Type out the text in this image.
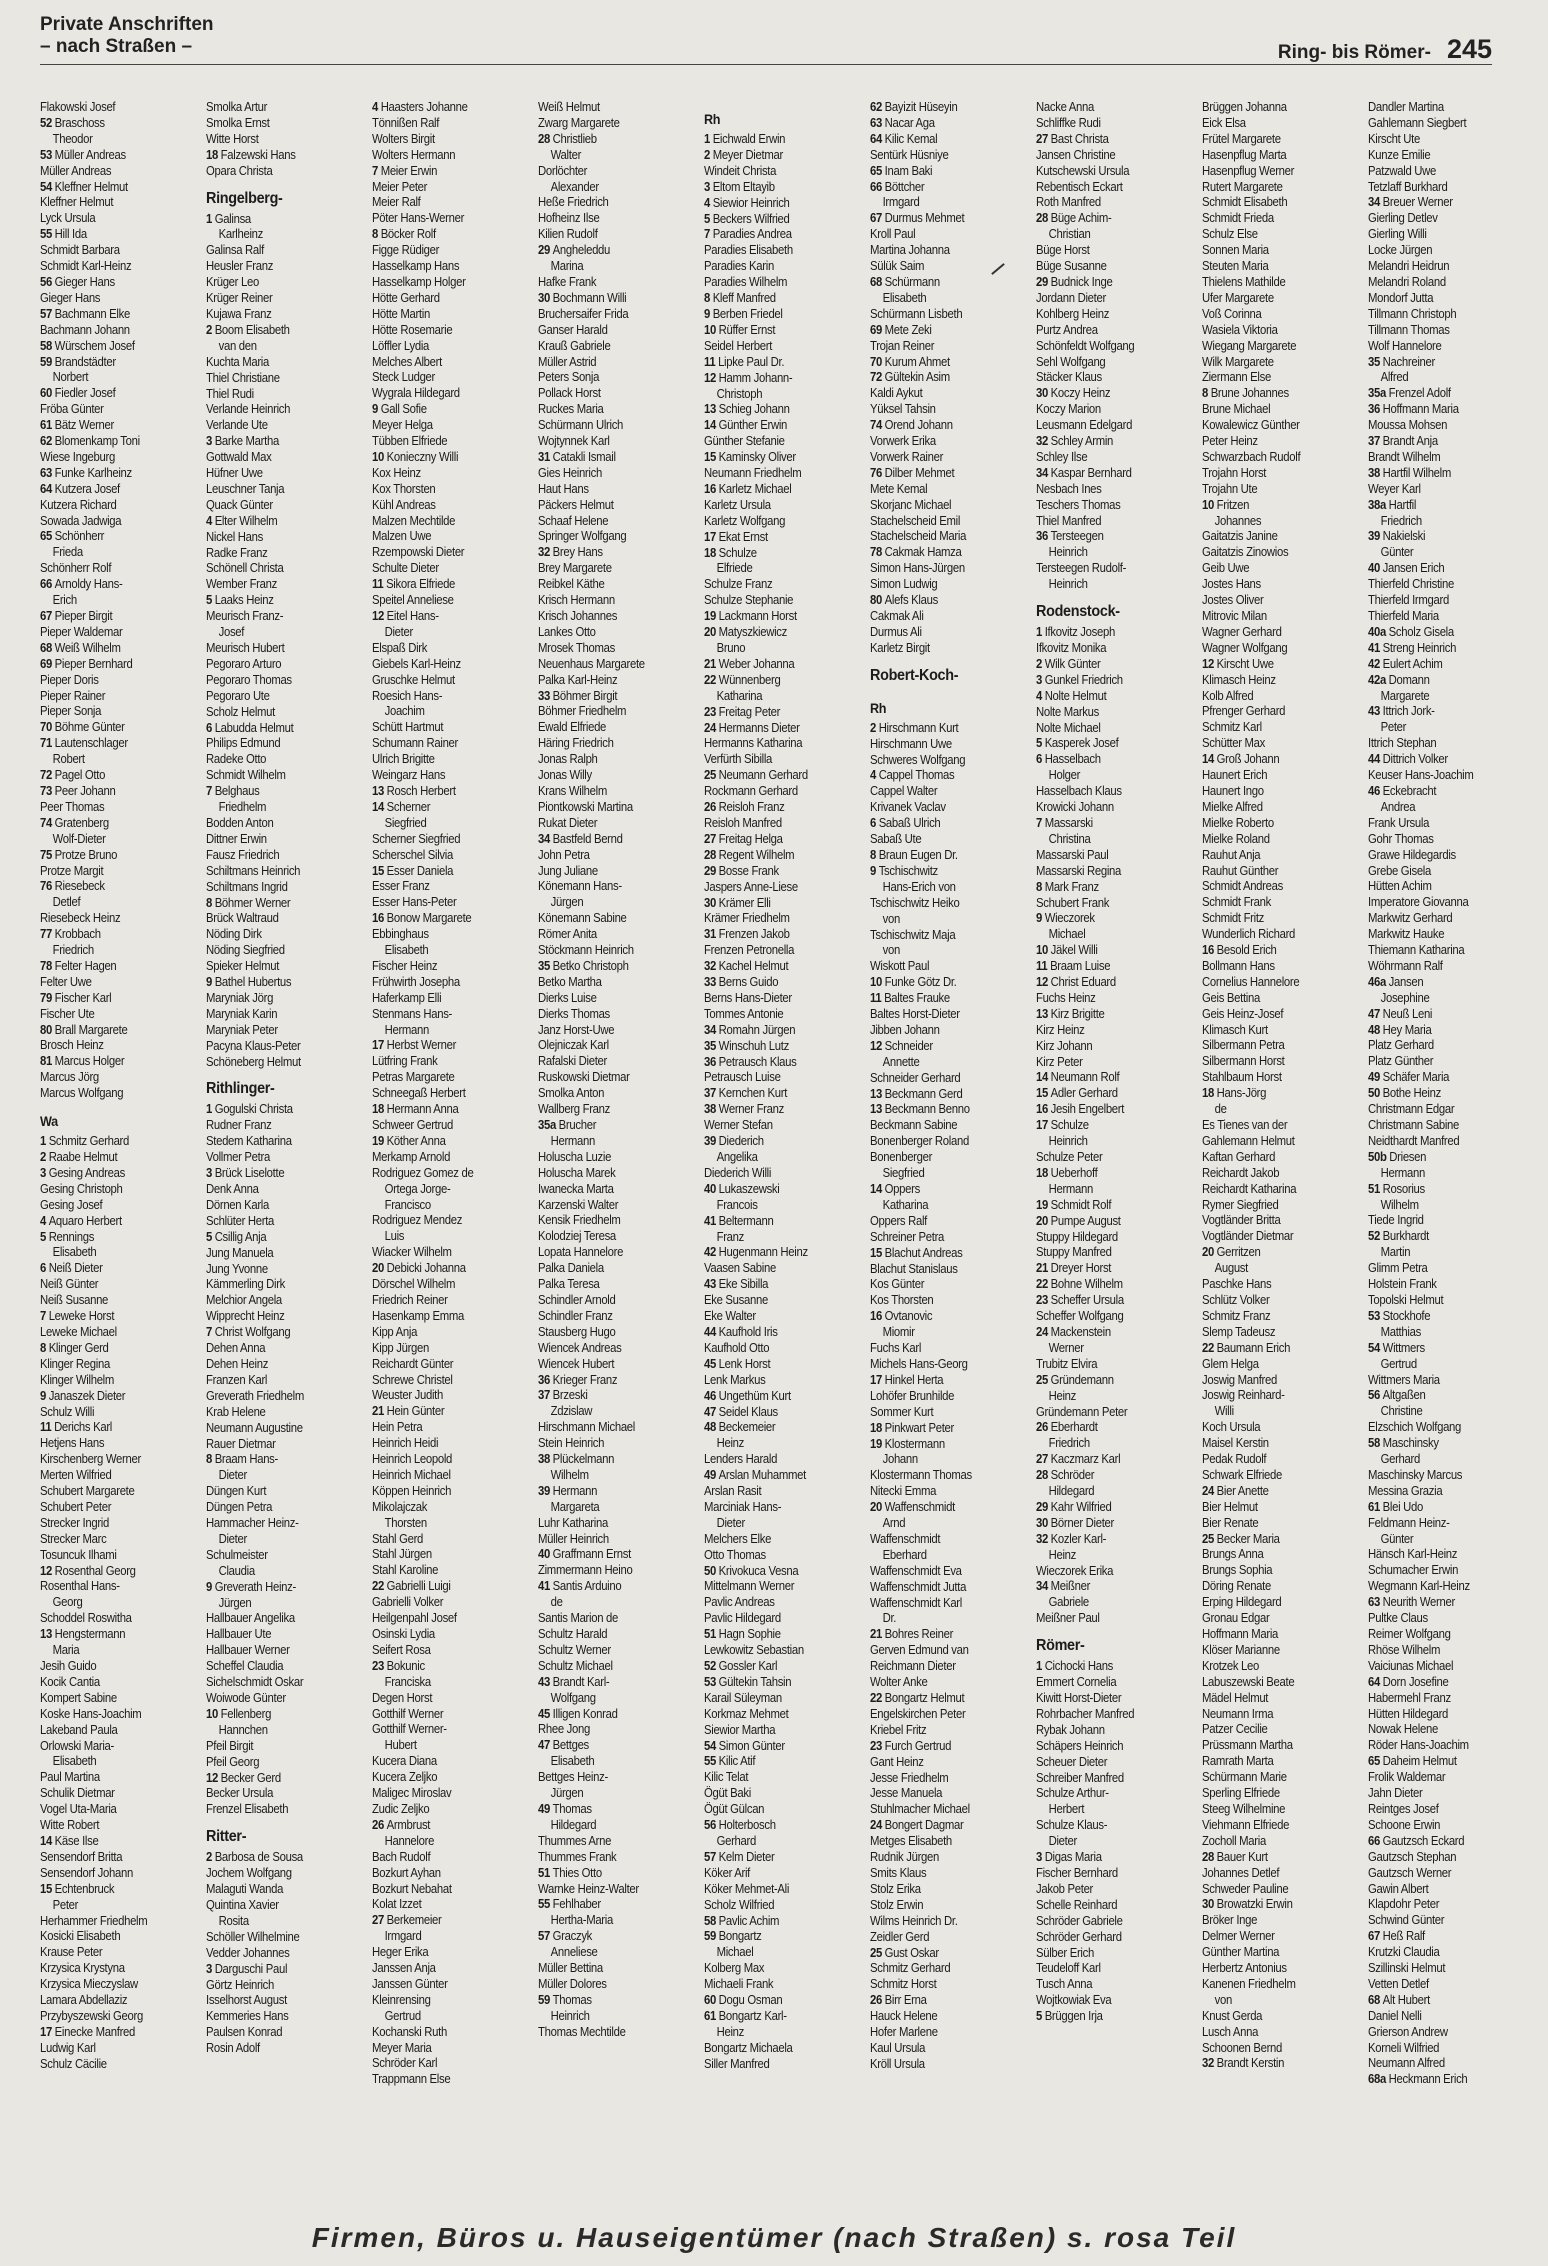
Private Anschriften
– nach Straßen –	Ring- bis Römer- 245
Flakowski Josef
52 Braschoss
Theodor
53 Müller Andreas
Müller Andreas
54 Kleffner Helmut
Kleffner Helmut
Lyck Ursula
55 Hill Ida
Schmidt Barbara
Schmidt Karl-Heinz
56 Gieger Hans
Gieger Hans
57 Bachmann Elke
Bachmann Johann
58 Würschem Josef
59 Brandstädter
Norbert
60 Fiedler Josef
Fröba Günter
61 Bätz Werner
62 Blomenkamp Toni
Wiese Ingeburg
63 Funke Karlheinz
64 Kutzera Josef
Kutzera Richard
Sowada Jadwiga
65 Schönherr
Frieda
Schönherr Rolf
66 Arnoldy Hans-
Erich
67 Pieper Birgit
Pieper Waldemar
68 Weiß Wilhelm
69 Pieper Bernhard
Pieper Doris
Pieper Rainer
Pieper Sonja
70 Böhme Günter
71 Lautenschlager
Robert
72 Pagel Otto
73 Peer Johann
Peer Thomas
74 Gratenberg
Wolf-Dieter
75 Protze Bruno
Protze Margit
76 Riesebeck
Detlef
Riesebeck Heinz
77 Krobbach
Friedrich
78 Felter Hagen
Felter Uwe
79 Fischer Karl
Fischer Ute
80 Brall Margarete
Brosch Heinz
81 Marcus Holger
Marcus Jörg
Marcus Wolfgang
Wa
1 Schmitz Gerhard
2 Raabe Helmut
3 Gesing Andreas
Gesing Christoph
Gesing Josef
4 Aquaro Herbert
5 Rennings
Elisabeth
6 Neiß Dieter
Neiß Günter
Neiß Susanne
7 Leweke Horst
Leweke Michael
8 Klinger Gerd
Klinger Regina
Klinger Wilhelm
9 Janaszek Dieter
Schulz Willi
11 Derichs Karl
Hetjens Hans
Kirschenberg Werner
Merten Wilfried
Schubert Margarete
Schubert Peter
Strecker Ingrid
Strecker Marc
Tosuncuk Ilhami
12 Rosenthal Georg
Rosenthal Hans-
Georg
Schoddel Roswitha
13 Hengstermann
Maria
Jesih Guido
Kocik Cantia
Kompert Sabine
Koske Hans-Joachim
Lakeband Paula
Orlowski Maria-
Elisabeth
Paul Martina
Schulik Dietmar
Vogel Uta-Maria
Witte Robert
14 Käse Ilse
Sensendorf Britta
Sensendorf Johann
15 Echtenbruck
Peter
Herhammer Friedhelm
Kosicki Elisabeth
Krause Peter
Krzysica Krystyna
Krzysica Mieczyslaw
Lamara Abdellaziz
Przybyszewski Georg
17 Einecke Manfred
Ludwig Karl
Schulz Cäcilie
Smolka Artur
Smolka Ernst
Witte Horst
18 Falzewski Hans
Opara Christa
Ringelberg-
1 Galinsa
Karlheinz
Galinsa Ralf
Heusler Franz
Krüger Leo
Krüger Reiner
Kujawa Franz
2 Boom Elisabeth
van den
Kuchta Maria
Thiel Christiane
Thiel Rudi
Verlande Heinrich
Verlande Ute
3 Barke Martha
Gottwald Max
Hüfner Uwe
Leuschner Tanja
Quack Günter
4 Elter Wilhelm
Nickel Hans
Radke Franz
Schönell Christa
Wember Franz
5 Laaks Heinz
Meurisch Franz-
Josef
Meurisch Hubert
Pegoraro Arturo
Pegoraro Thomas
Pegoraro Ute
Scholz Helmut
6 Labudda Helmut
Philips Edmund
Radeke Otto
Schmidt Wilhelm
7 Belghaus
Friedhelm
Bodden Anton
Dittner Erwin
Fausz Friedrich
Schiltmans Heinrich
Schiltmans Ingrid
8 Böhmer Werner
Brück Waltraud
Nöding Dirk
Nöding Siegfried
Spieker Helmut
9 Bathel Hubertus
Maryniak Jörg
Maryniak Karin
Maryniak Peter
Pacyna Klaus-Peter
Schöneberg Helmut
Rithlinger-
1 Gogulski Christa
Rudner Franz
Stedem Katharina
Vollmer Petra
3 Brück Liselotte
Denk Anna
Dörnen Karla
Schlüter Herta
5 Csillig Anja
Jung Manuela
Jung Yvonne
Kämmerling Dirk
Melchior Angela
Wipprecht Heinz
7 Christ Wolfgang
Dehen Anna
Dehen Heinz
Franzen Karl
Greverath Friedhelm
Krab Helene
Neumann Augustine
Rauer Dietmar
8 Braam Hans-
Dieter
Düngen Kurt
Düngen Petra
Hammacher Heinz-
Dieter
Schulmeister
Claudia
9 Greverath Heinz-
Jürgen
Hallbauer Angelika
Hallbauer Ute
Hallbauer Werner
Scheffel Claudia
Sichelschmidt Oskar
Woiwode Günter
10 Fellenberg
Hannchen
Pfeil Birgit
Pfeil Georg
12 Becker Gerd
Becker Ursula
Frenzel Elisabeth
Ritter-
2 Barbosa de Sousa
Jochem Wolfgang
Malaguti Wanda
Quintina Xavier
Rosita
Schöller Wilhelmine
Vedder Johannes
3 Darguschi Paul
Görtz Heinrich
Isselhorst August
Kemmeries Hans
Paulsen Konrad
Rosin Adolf
4 Haasters Johanne
Tönnißen Ralf
Wolters Birgit
Wolters Hermann
7 Meier Erwin
Meier Peter
Meier Ralf
Pöter Hans-Werner
8 Böcker Rolf
Figge Rüdiger
Hasselkamp Hans
Hasselkamp Holger
Hötte Gerhard
Hötte Martin
Hötte Rosemarie
Löffler Lydia
Melches Albert
Steck Ludger
Wygrala Hildegard
9 Gall Sofie
Meyer Helga
Tübben Elfriede
10 Konieczny Willi
Kox Heinz
Kox Thorsten
Kühl Andreas
Malzen Mechtilde
Malzen Uwe
Rzempowski Dieter
Schulte Dieter
11 Sikora Elfriede
Speitel Anneliese
12 Eitel Hans-
Dieter
Elspaß Dirk
Giebels Karl-Heinz
Gruschke Helmut
Roesich Hans-
Joachim
Schütt Hartmut
Schumann Rainer
Ulrich Brigitte
Weingarz Hans
13 Rosch Herbert
14 Scherner
Siegfried
Scherner Siegfried
Scherschel Silvia
15 Esser Daniela
Esser Franz
Esser Hans-Peter
16 Bonow Margarete
Ebbinghaus
Elisabeth
Fischer Heinz
Frühwirth Josepha
Haferkamp Elli
Stenmans Hans-
Hermann
17 Herbst Werner
Lütfring Frank
Petras Margarete
Schneegaß Herbert
18 Hermann Anna
Schweer Gertrud
19 Köther Anna
Merkamp Arnold
Rodriguez Gomez de
Ortega Jorge-
Francisco
Rodriguez Mendez
Luis
Wiacker Wilhelm
20 Debicki Johanna
Dörschel Wilhelm
Friedrich Reiner
Hasenkamp Emma
Kipp Anja
Kipp Jürgen
Reichardt Günter
Schrewe Christel
Weuster Judith
21 Hein Günter
Hein Petra
Heinrich Heidi
Heinrich Leopold
Heinrich Michael
Köppen Heinrich
Mikolajczak
Thorsten
Stahl Gerd
Stahl Jürgen
Stahl Karoline
22 Gabrielli Luigi
Gabrielli Volker
Heilgenpahl Josef
Osinski Lydia
Seifert Rosa
23 Bokunic
Franciska
Degen Horst
Gotthilf Werner
Gotthilf Werner-
Hubert
Kucera Diana
Kucera Zeljko
Maligec Miroslav
Zudic Zeljko
26 Armbrust
Hannelore
Bach Rudolf
Bozkurt Ayhan
Bozkurt Nebahat
Kolat Izzet
27 Berkemeier
Irmgard
Heger Erika
Janssen Anja
Janssen Günter
Kleinrensing
Gertrud
Kochanski Ruth
Meyer Maria
Schröder Karl
Trappmann Else
Weiß Helmut
Zwarg Margarete
28 Christlieb
Walter
Dorlöchter
Alexander
Heße Friedrich
Hofheinz Ilse
Kilien Rudolf
29 Angheleddu
Marina
Hafke Frank
30 Bochmann Willi
Bruchersaifer Frida
Ganser Harald
Krauß Gabriele
Müller Astrid
Peters Sonja
Pollack Horst
Ruckes Maria
Schürmann Ulrich
Wojtynnek Karl
31 Catakli Ismail
Gies Heinrich
Haut Hans
Päckers Helmut
Schaaf Helene
Springer Wolfgang
32 Brey Hans
Brey Margarete
Reibkel Käthe
Krisch Hermann
Krisch Johannes
Lankes Otto
Mrosek Thomas
Neuenhaus Margarete
Palka Karl-Heinz
33 Böhmer Birgit
Böhmer Friedhelm
Ewald Elfriede
Häring Friedrich
Jonas Ralph
Jonas Willy
Krans Wilhelm
Piontkowski Martina
Rukat Dieter
34 Bastfeld Bernd
John Petra
Jung Juliane
Könemann Hans-
Jürgen
Könemann Sabine
Römer Anita
Stöckmann Heinrich
35 Betko Christoph
Betko Martha
Dierks Luise
Dierks Thomas
Janz Horst-Uwe
Olejniczak Karl
Rafalski Dieter
Ruskowski Dietmar
Smolka Anton
Wallberg Franz
35a Brucher
Hermann
Holuscha Luzie
Holuscha Marek
Iwanecka Marta
Karzenski Walter
Kensik Friedhelm
Kolodziej Teresa
Lopata Hannelore
Palka Daniela
Palka Teresa
Schindler Arnold
Schindler Franz
Stausberg Hugo
Wiencek Andreas
Wiencek Hubert
36 Krieger Franz
37 Brzeski
Zdzislaw
Hirschmann Michael
Stein Heinrich
38 Plückelmann
Wilhelm
39 Hermann
Margareta
Luhr Katharina
Müller Heinrich
40 Graffmann Ernst
Zimmermann Heino
41 Santis Arduino
de
Santis Marion de
Schultz Harald
Schultz Werner
Schultz Michael
43 Brandt Karl-
Wolfgang
45 Illigen Konrad
Rhee Jong
47 Bettges
Elisabeth
Bettges Heinz-
Jürgen
49 Thomas
Hildegard
Thummes Arne
Thummes Frank
51 Thies Otto
Warnke Heinz-Walter
55 Fehlhaber
Hertha-Maria
57 Graczyk
Anneliese
Müller Bettina
Müller Dolores
59 Thomas
Heinrich
Thomas Mechtilde
Rh
1 Eichwald Erwin
2 Meyer Dietmar
Windeit Christa
3 Eltom Eltayib
4 Siewior Heinrich
5 Beckers Wilfried
7 Paradies Andrea
Paradies Elisabeth
Paradies Karin
Paradies Wilhelm
8 Kleff Manfred
9 Berben Friedel
10 Rüffer Ernst
Seidel Herbert
11 Lipke Paul Dr.
12 Hamm Johann-
Christoph
13 Schieg Johann
14 Günther Erwin
Günther Stefanie
15 Kaminsky Oliver
Neumann Friedhelm
16 Karletz Michael
Karletz Ursula
Karletz Wolfgang
17 Ekat Ernst
18 Schulze
Elfriede
Schulze Franz
Schulze Stephanie
19 Lackmann Horst
20 Matyszkiewicz
Bruno
21 Weber Johanna
22 Wünnenberg
Katharina
23 Freitag Peter
24 Hermanns Dieter
Hermanns Katharina
Verfürth Sibilla
25 Neumann Gerhard
Rockmann Gerhard
26 Reisloh Franz
Reisloh Manfred
27 Freitag Helga
28 Regent Wilhelm
29 Bosse Frank
Jaspers Anne-Liese
30 Krämer Elli
Krämer Friedhelm
31 Frenzen Jakob
Frenzen Petronella
32 Kachel Helmut
33 Berns Guido
Berns Hans-Dieter
Tommes Antonie
34 Romahn Jürgen
35 Winschuh Lutz
36 Petrausch Klaus
Petrausch Luise
37 Kernchen Kurt
38 Werner Franz
Werner Stefan
39 Diederich
Angelika
Diederich Willi
40 Lukaszewski
Francois
41 Beltermann
Franz
42 Hugenmann Heinz
Vaasen Sabine
43 Eke Sibilla
Eke Susanne
Eke Walter
44 Kaufhold Iris
Kaufhold Otto
45 Lenk Horst
Lenk Markus
46 Ungethüm Kurt
47 Seidel Klaus
48 Beckemeier
Heinz
Lenders Harald
49 Arslan Muhammet
Arslan Rasit
Marciniak Hans-
Dieter
Melchers Elke
Otto Thomas
50 Krivokuca Vesna
Mittelmann Werner
Pavlic Andreas
Pavlic Hildegard
51 Hagn Sophie
Lewkowitz Sebastian
52 Gossler Karl
53 Gültekin Tahsin
Karail Süleyman
Korkmaz Mehmet
Siewior Martha
54 Simon Günter
55 Kilic Atif
Kilic Telat
Ögüt Baki
Ögüt Gülcan
56 Holterbosch
Gerhard
57 Kelm Dieter
Köker Arif
Köker Mehmet-Ali
Scholz Wilfried
58 Pavlic Achim
59 Bongartz
Michael
Kolberg Max
Michaeli Frank
60 Dogu Osman
61 Bongartz Karl-
Heinz
Bongartz Michaela
Siller Manfred
62 Bayizit Hüseyin
63 Nacar Aga
64 Kilic Kemal
Sentürk Hüsniye
65 Inam Baki
66 Böttcher
Irmgard
67 Durmus Mehmet
Kroll Paul
Martina Johanna
Sülük Saim
68 Schürmann
Elisabeth
Schürmann Lisbeth
69 Mete Zeki
Trojan Reiner
70 Kurum Ahmet
72 Gültekin Asim
Kaldi Aykut
Yüksel Tahsin
74 Orend Johann
Vorwerk Erika
Vorwerk Rainer
76 Dilber Mehmet
Mete Kemal
Skorjanc Michael
Stachelscheid Emil
Stachelscheid Maria
78 Cakmak Hamza
Simon Hans-Jürgen
Simon Ludwig
80 Alefs Klaus
Cakmak Ali
Durmus Ali
Karletz Birgit
Robert-Koch-
Rh
2 Hirschmann Kurt
Hirschmann Uwe
Schweres Wolfgang
4 Cappel Thomas
Cappel Walter
Krivanek Vaclav
6 Sabaß Ulrich
Sabaß Ute
8 Braun Eugen Dr.
9 Tschischwitz
Hans-Erich von
Tschischwitz Heiko
von
Tschischwitz Maja
von
Wiskott Paul
10 Funke Götz Dr.
11 Baltes Frauke
Baltes Horst-Dieter
Jibben Johann
12 Schneider
Annette
Schneider Gerhard
13 Beckmann Gerd
13 Beckmann Benno
Beckmann Sabine
Bonenberger Roland
Bonenberger
Siegfried
14 Oppers
Katharina
Oppers Ralf
Schreiner Petra
15 Blachut Andreas
Blachut Stanislaus
Kos Günter
Kos Thorsten
16 Ovtanovic
Miomir
Fuchs Karl
Michels Hans-Georg
17 Hinkel Herta
Lohöfer Brunhilde
Sommer Kurt
18 Pinkwart Peter
19 Klostermann
Johann
Klostermann Thomas
Nitecki Emma
20 Waffenschmidt
Arnd
Waffenschmidt
Eberhard
Waffenschmidt Eva
Waffenschmidt Jutta
Waffenschmidt Karl
Dr.
21 Bohres Reiner
Gerven Edmund van
Reichmann Dieter
Wolter Anke
22 Bongartz Helmut
Engelskirchen Peter
Kriebel Fritz
23 Furch Gertrud
Gant Heinz
Jesse Friedhelm
Jesse Manuela
Stuhlmacher Michael
24 Bongert Dagmar
Metges Elisabeth
Rudnik Jürgen
Smits Klaus
Stolz Erika
Stolz Erwin
Wilms Heinrich Dr.
Zeidler Gerd
25 Gust Oskar
Schmitz Gerhard
Schmitz Horst
26 Birr Erna
Hauck Helene
Hofer Marlene
Kaul Ursula
Kröll Ursula
Nacke Anna
Schliffke Rudi
27 Bast Christa
Jansen Christine
Kutschewski Ursula
Rebentisch Eckart
Roth Manfred
28 Büge Achim-
Christian
Büge Horst
Büge Susanne
29 Budnick Inge
Jordann Dieter
Kohlberg Heinz
Purtz Andrea
Schönfeldt Wolfgang
Sehl Wolfgang
Stäcker Klaus
30 Koczy Heinz
Koczy Marion
Leusmann Edelgard
32 Schley Armin
Schley Ilse
34 Kaspar Bernhard
Nesbach Ines
Teschers Thomas
Thiel Manfred
36 Tersteegen
Heinrich
Tersteegen Rudolf-
Heinrich
Rodenstock-
1 Ifkovitz Joseph
Ifkovitz Monika
2 Wilk Günter
3 Gunkel Friedrich
4 Nolte Helmut
Nolte Markus
Nolte Michael
5 Kasperek Josef
6 Hasselbach
Holger
Hasselbach Klaus
Krowicki Johann
7 Massarski
Christina
Massarski Paul
Massarski Regina
8 Mark Franz
Schubert Frank
9 Wieczorek
Michael
10 Jäkel Willi
11 Braam Luise
12 Christ Eduard
Fuchs Heinz
13 Kirz Brigitte
Kirz Heinz
Kirz Johann
Kirz Peter
14 Neumann Rolf
15 Adler Gerhard
16 Jesih Engelbert
17 Schulze
Heinrich
Schulze Peter
18 Ueberhoff
Hermann
19 Schmidt Rolf
20 Pumpe August
Stuppy Hildegard
Stuppy Manfred
21 Dreyer Horst
22 Bohne Wilhelm
23 Scheffer Ursula
Scheffer Wolfgang
24 Mackenstein
Werner
Trubitz Elvira
25 Gründemann
Heinz
Gründemann Peter
26 Eberhardt
Friedrich
27 Kaczmarz Karl
28 Schröder
Hildegard
29 Kahr Wilfried
30 Börner Dieter
32 Kozler Karl-
Heinz
Wieczorek Erika
34 Meißner
Gabriele
Meißner Paul
Römer-
1 Cichocki Hans
Emmert Cornelia
Kiwitt Horst-Dieter
Rohrbacher Manfred
Rybak Johann
Schäpers Heinrich
Scheuer Dieter
Schreiber Manfred
Schulze Arthur-
Herbert
Schulze Klaus-
Dieter
3 Digas Maria
Fischer Bernhard
Jakob Peter
Schelle Reinhard
Schröder Gabriele
Schröder Gerhard
Sülber Erich
Teudeloff Karl
Tusch Anna
Wojtkowiak Eva
5 Brüggen Irja
Brüggen Johanna
Eick Elsa
Frütel Margarete
Hasenpflug Marta
Hasenpflug Werner
Rutert Margarete
Schmidt Elisabeth
Schmidt Frieda
Schulz Else
Sonnen Maria
Steuten Maria
Thielens Mathilde
Ufer Margarete
Voß Corinna
Wasiela Viktoria
Wiegang Margarete
Wilk Margarete
Ziermann Else
8 Brune Johannes
Brune Michael
Kowalewicz Günther
Peter Heinz
Schwarzbach Rudolf
Trojahn Horst
Trojahn Ute
10 Fritzen
Johannes
Gaitatzis Janine
Gaitatzis Zinowios
Geib Uwe
Jostes Hans
Jostes Oliver
Mitrovic Milan
Wagner Gerhard
Wagner Wolfgang
12 Kirscht Uwe
Klimasch Heinz
Kolb Alfred
Pfrenger Gerhard
Schmitz Karl
Schütter Max
14 Groß Johann
Haunert Erich
Haunert Ingo
Mielke Alfred
Mielke Roberto
Mielke Roland
Rauhut Anja
Rauhut Günther
Schmidt Andreas
Schmidt Frank
Schmidt Fritz
Wunderlich Richard
16 Besold Erich
Bollmann Hans
Cornelius Hannelore
Geis Bettina
Geis Heinz-Josef
Klimasch Kurt
Silbermann Petra
Silbermann Horst
Stahlbaum Horst
18 Hans-Jörg
de
Es Tienes van der
Gahlemann Helmut
Kaftan Gerhard
Reichardt Jakob
Reichardt Katharina
Rymer Siegfried
Vogtländer Britta
Vogtländer Dietmar
20 Gerritzen
August
Paschke Hans
Schlütz Volker
Schmitz Franz
Slemp Tadeusz
22 Baumann Erich
Glem Helga
Joswig Manfred
Joswig Reinhard-
Willi
Koch Ursula
Maisel Kerstin
Pedak Rudolf
Schwark Elfriede
24 Bier Anette
Bier Helmut
Bier Renate
25 Becker Maria
Brungs Anna
Brungs Sophia
Döring Renate
Erping Hildegard
Gronau Edgar
Hoffmann Maria
Klöser Marianne
Krotzek Leo
Labuszewski Beate
Mädel Helmut
Neumann Irma
Patzer Cecilie
Prüssmann Martha
Ramrath Marta
Schürmann Marie
Sperling Elfriede
Steeg Wilhelmine
Viehmann Elfriede
Zocholl Maria
28 Bauer Kurt
Johannes Detlef
Schweder Pauline
30 Browatzki Erwin
Bröker Inge
Delmer Werner
Günther Martina
Herbertz Antonius
Kanenen Friedhelm
von
Knust Gerda
Lusch Anna
Schoonen Bernd
32 Brandt Kerstin
Dandler Martina
Gahlemann Siegbert
Kirscht Ute
Kunze Emilie
Patzwald Uwe
Tetzlaff Burkhard
34 Breuer Werner
Gierling Detlev
Gierling Willi
Locke Jürgen
Melandri Heidrun
Melandri Roland
Mondorf Jutta
Tillmann Christoph
Tillmann Thomas
Wolf Hannelore
35 Nachreiner
Alfred
35a Frenzel Adolf
36 Hoffmann Maria
Moussa Mohsen
37 Brandt Anja
Brandt Wilhelm
38 Hartfil Wilhelm
Weyer Karl
38a Hartfil
Friedrich
39 Nakielski
Günter
40 Jansen Erich
Thierfeld Christine
Thierfeld Irmgard
Thierfeld Maria
40a Scholz Gisela
41 Streng Heinrich
42 Eulert Achim
42a Domann
Margarete
43 Ittrich Jork-
Peter
Ittrich Stephan
44 Dittrich Volker
Keuser Hans-Joachim
46 Eckebracht
Andrea
Frank Ursula
Gohr Thomas
Grawe Hildegardis
Grebe Gisela
Hütten Achim
Imperatore Giovanna
Markwitz Gerhard
Markwitz Hauke
Thiemann Katharina
Wöhrmann Ralf
46a Jansen
Josephine
47 Neuß Leni
48 Hey Maria
Platz Gerhard
Platz Günther
49 Schäfer Maria
50 Bothe Heinz
Christmann Edgar
Christmann Sabine
Neidthardt Manfred
50b Driesen
Hermann
51 Rosorius
Wilhelm
Tiede Ingrid
52 Burkhardt
Martin
Glimm Petra
Holstein Frank
Topolski Helmut
53 Stockhofe
Matthias
54 Wittmers
Gertrud
Wittmers Maria
56 Altgaßen
Christine
Elzschich Wolfgang
58 Maschinsky
Gerhard
Maschinsky Marcus
Messina Grazia
61 Blei Udo
Feldmann Heinz-
Günter
Hänsch Karl-Heinz
Schumacher Erwin
Wegmann Karl-Heinz
63 Neurith Werner
Pultke Claus
Reimer Wolfgang
Rhöse Wilhelm
Vaiciunas Michael
64 Dorn Josefine
Habermehl Franz
Hütten Hildegard
Nowak Helene
Röder Hans-Joachim
65 Daheim Helmut
Frolik Waldemar
Jahn Dieter
Reintges Josef
Schoone Erwin
66 Gautzsch Eckard
Gautzsch Stephan
Gautzsch Werner
Gawin Albert
Klapdohr Peter
Schwind Günter
67 Heß Ralf
Krutzki Claudia
Szillinski Helmut
Vetten Detlef
68 Alt Hubert
Daniel Nelli
Grierson Andrew
Korneli Wilfried
Neumann Alfred
68a Heckmann Erich
Firmen, Büros u. Hauseigentümer (nach Straßen) s. rosa Teil
